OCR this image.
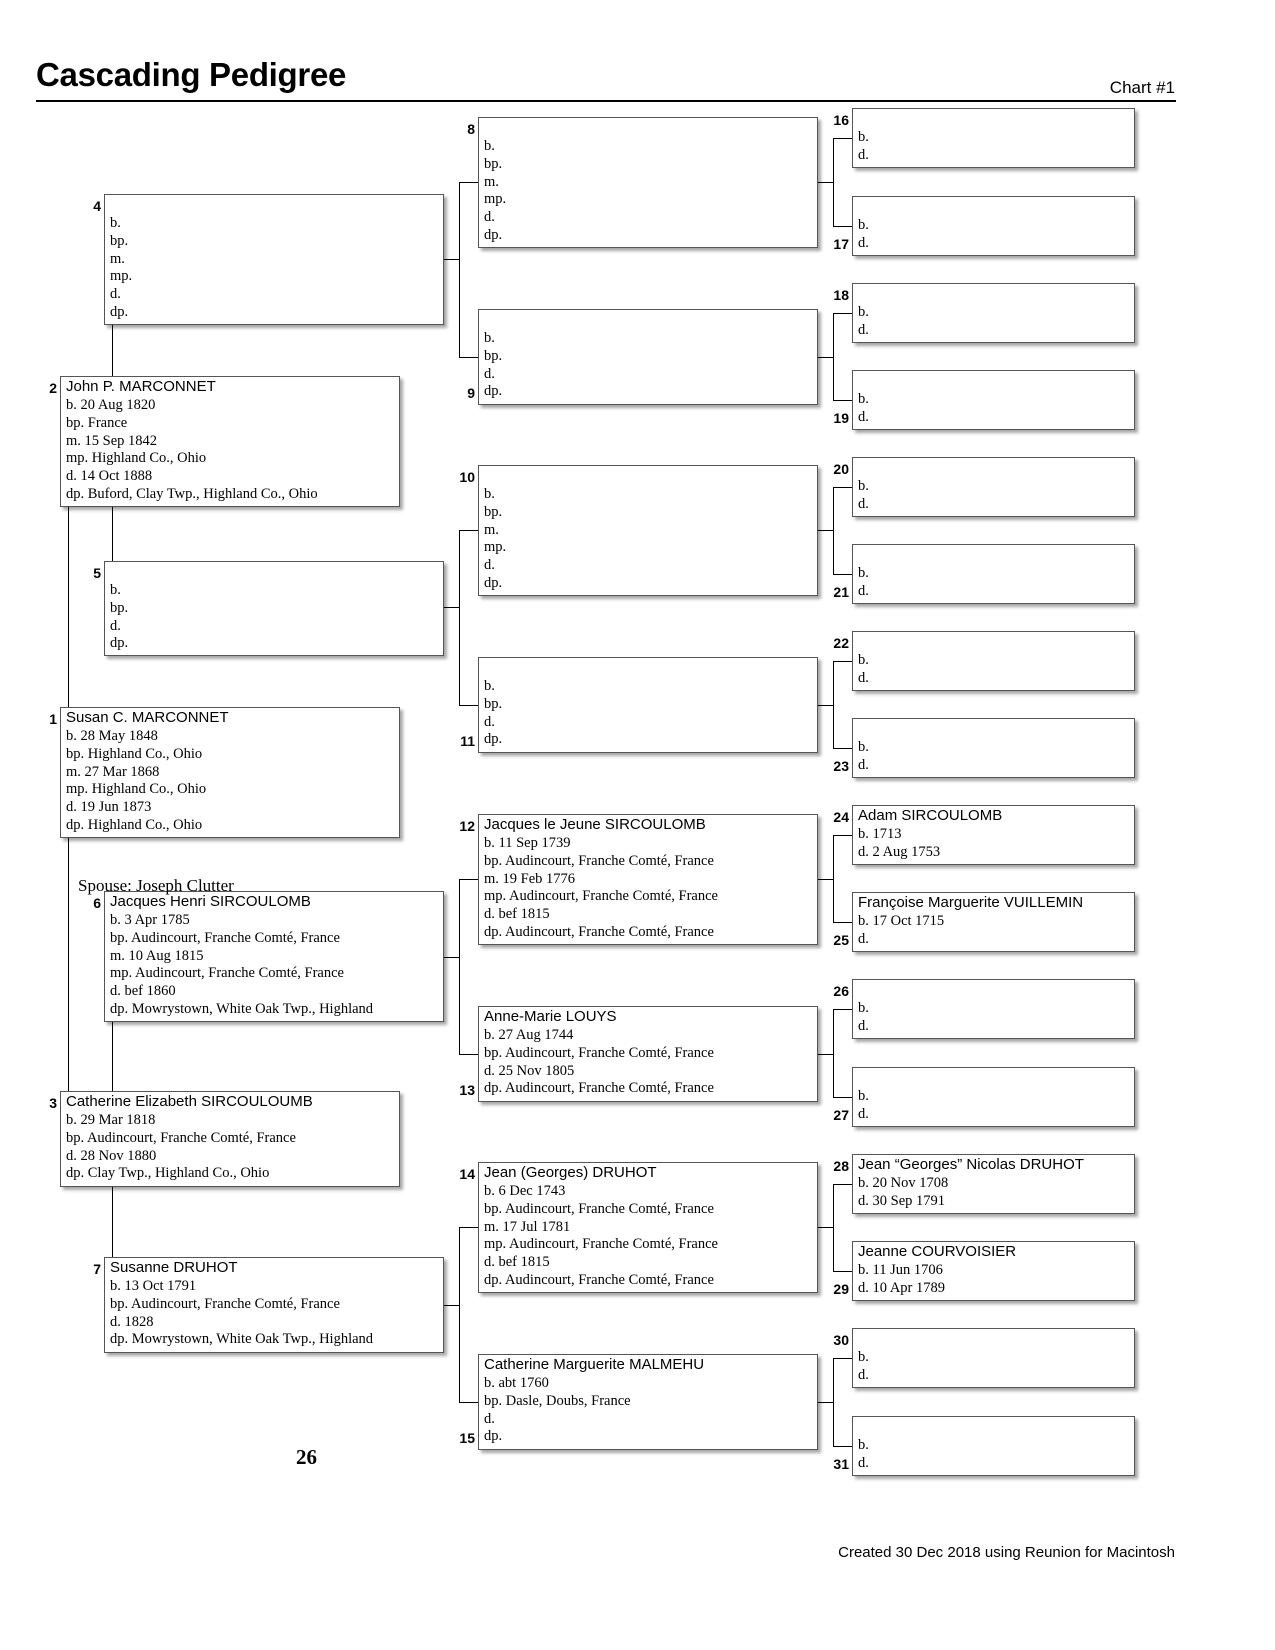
Cascading Pedigree	Chart #1
Susan C. MARCONNET
b. 28 May 1848
bp. Highland Co., Ohio
m. 27 Mar 1868
mp. Highland Co., Ohio
d. 19 Jun 1873
dp. Highland Co., Ohio
1
John P. MARCONNET
b. 20 Aug 1820
bp. France
m. 15 Sep 1842
mp. Highland Co., Ohio
d. 14 Oct 1888
dp. Buford, Clay Twp., Highland Co., Ohio
2
Catherine Elizabeth SIRCOULOUMB
b. 29 Mar 1818
bp. Audincourt, Franche Comté, France
d. 28 Nov 1880
dp. Clay Twp., Highland Co., Ohio
3
b.
bp.
m.
mp.
d.
dp.
4
b.
bp.
d.
dp.
5
Jacques Henri SIRCOULOMB
b. 3 Apr 1785
bp. Audincourt, Franche Comté, France
m. 10 Aug 1815
mp. Audincourt, Franche Comté, France
d. bef 1860
dp. Mowrystown, White Oak Twp., Highland
6
Susanne DRUHOT
b. 13 Oct 1791
bp. Audincourt, Franche Comté, France
d. 1828
dp. Mowrystown, White Oak Twp., Highland
7
b.
bp.
m.
mp.
d.
dp.
8
b.
bp.
d.
dp.
9
b.
bp.
m.
mp.
d.
dp.
10
b.
bp.
d.
dp.
11
Jacques le Jeune SIRCOULOMB
b. 11 Sep 1739
bp. Audincourt, Franche Comté, France
m. 19 Feb 1776
mp. Audincourt, Franche Comté, France
d. bef 1815
dp. Audincourt, Franche Comté, France
12
Anne-Marie LOUYS
b. 27 Aug 1744
bp. Audincourt, Franche Comté, France
d. 25 Nov 1805
dp. Audincourt, Franche Comté, France
13
Jean (Georges) DRUHOT
b. 6 Dec 1743
bp. Audincourt, Franche Comté, France
m. 17 Jul 1781
mp. Audincourt, Franche Comté, France
d. bef 1815
dp. Audincourt, Franche Comté, France
14
Catherine Marguerite MALMEHU
b. abt 1760
bp. Dasle, Doubs, France
d.
dp.
15
b.
d.
16
b.
d.
17
b.
d.
18
b.
d.
19
b.
d.
20
b.
d.
21
b.
d.
22
b.
d.
23
Adam SIRCOULOMB
b. 1713
d. 2 Aug 1753
24
Françoise Marguerite VUILLEMIN
b. 17 Oct 1715
d.
25
b.
d.
26
b.
d.
27
Jean “Georges” Nicolas DRUHOT
b. 20 Nov 1708
d. 30 Sep 1791
28
Jeanne COURVOISIER
b. 11 Jun 1706
d. 10 Apr 1789
29
b.
d.
30
b.
d.
31
Spouse: Joseph Clutter
26
Created 30 Dec 2018 using Reunion for Macintosh
